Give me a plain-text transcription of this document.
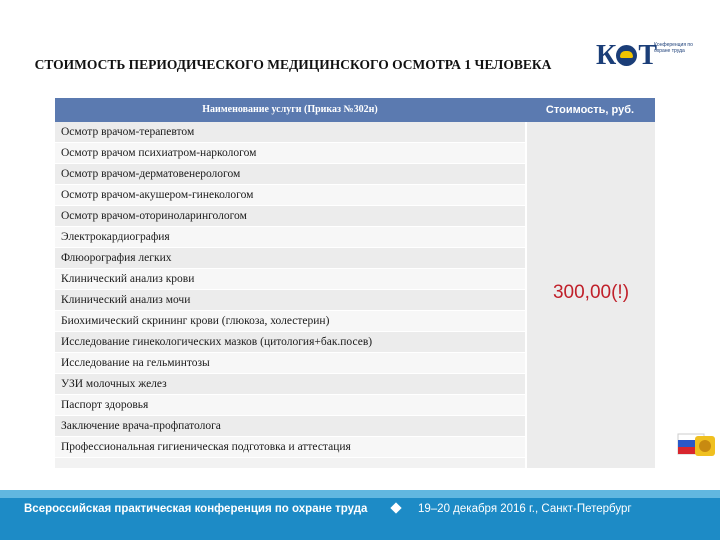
К Т
Конференция по охране труда
СТОИМОСТЬ ПЕРИОДИЧЕСКОГО МЕДИЦИНСКОГО ОСМОТРА 1 ЧЕЛОВЕКА
Наименование услуги (Приказ №302н)	Стоимость, руб.
Осмотр врачом-терапевтом
Осмотр врачом психиатром-наркологом
Осмотр врачом-дерматовенерологом
Осмотр врачом-акушером-гинекологом
Осмотр врачом-оториноларингологом
Электрокардиография
Флюорография легких
Клинический анализ крови
Клинический анализ мочи
Биохимический скрининг крови (глюкоза, холестерин)
Исследование гинекологических мазков (цитология+бак.посев)
Исследование на гельминтозы
УЗИ молочных желез
Паспорт здоровья
Заключение врача-профпатолога
Профессиональная гигиеническая подготовка и аттестация
300,00(!)
Всероссийская практическая конференция по охране труда	19–20 декабря 2016 г., Санкт-Петербург
